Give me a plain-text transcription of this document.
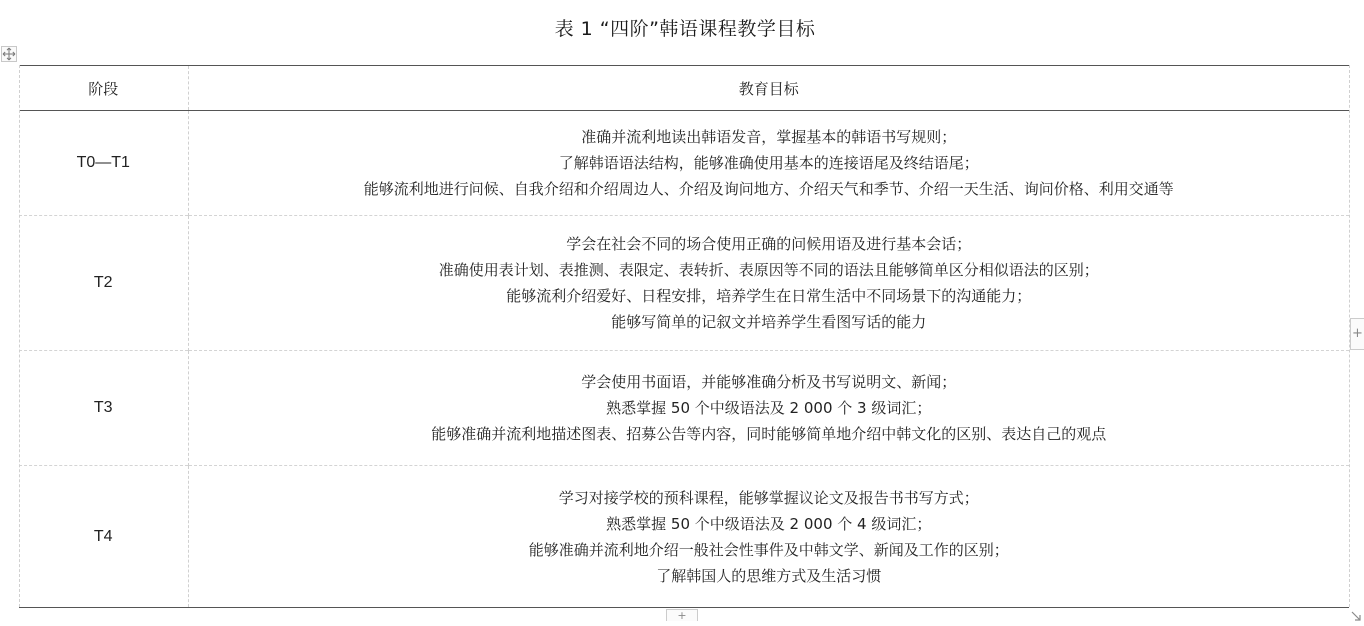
表 1 “四阶”韩语课程教学目标
阶段	教育目标
T0—T1	准确并流利地读出韩语发音，掌握基本的韩语书写规则；
了解韩语语法结构，能够准确使用基本的连接语尾及终结语尾；
能够流利地进行问候、自我介绍和介绍周边人、介绍及询问地方、介绍天气和季节、介绍一天生活、询问价格、利用交通等

T2	学会在社会不同的场合使用正确的问候用语及进行基本会话；
准确使用表计划、表推测、表限定、表转折、表原因等不同的语法且能够简单区分相似语法的区别；
能够流利介绍爱好、日程安排，培养学生在日常生活中不同场景下的沟通能力；
能够写简单的记叙文并培养学生看图写话的能力

T3	学会使用书面语，并能够准确分析及书写说明文、新闻；
熟悉掌握 50 个中级语法及 2 000 个 3 级词汇；
能够准确并流利地描述图表、招募公告等内容，同时能够简单地介绍中韩文化的区别、表达自己的观点

T4	学习对接学校的预科课程，能够掌握议论文及报告书书写方式；
熟悉掌握 50 个中级语法及 2 000 个 4 级词汇；
能够准确并流利地介绍一般社会性事件及中韩文学、新闻及工作的区别；
了解韩国人的思维方式及生活习惯
+
+
